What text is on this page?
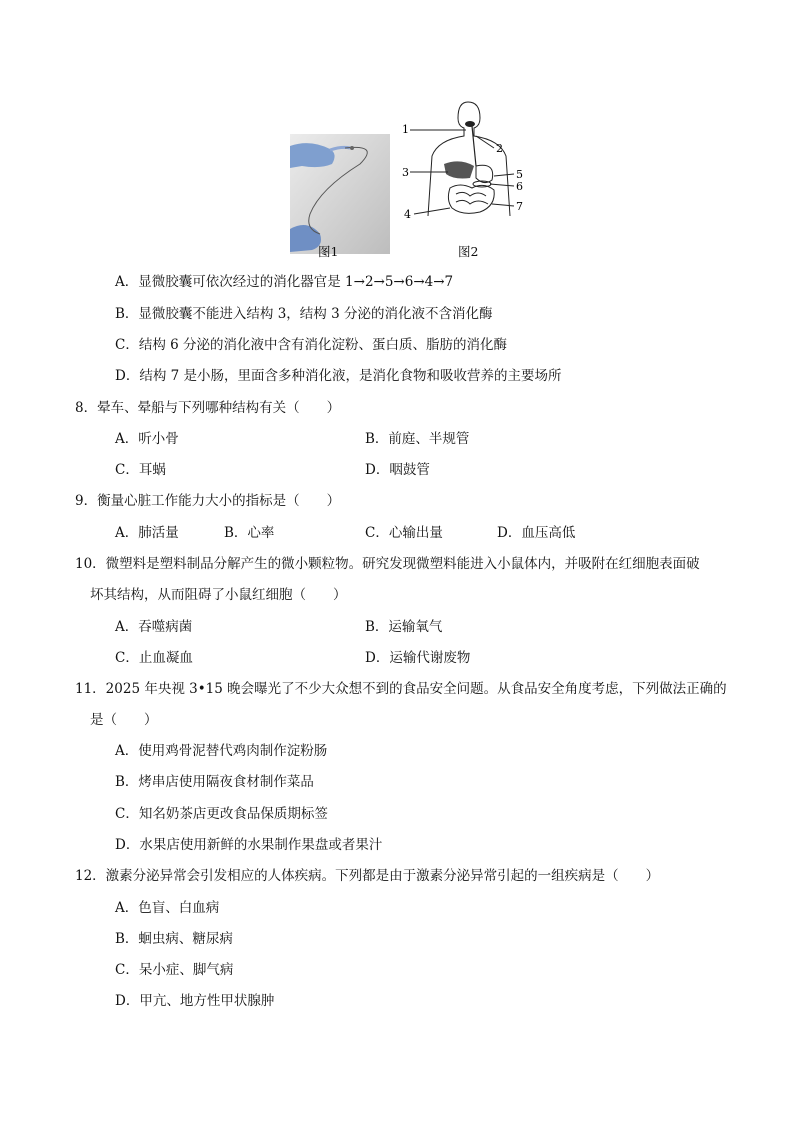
1
2
3
4
5
6
7
图1	图2
A．显微胶囊可依次经过的消化器官是 1→2→5→6→4→7
B．显微胶囊不能进入结构 3，结构 3 分泌的消化液不含消化酶
C．结构 6 分泌的消化液中含有消化淀粉、蛋白质、脂肪的消化酶
D．结构 7 是小肠，里面含多种消化液，是消化食物和吸收营养的主要场所
8．晕车、晕船与下列哪种结构有关（　　）
A．听小骨	B．前庭、半规管
C．耳蜗	D．咽鼓管
9．衡量心脏工作能力大小的指标是（　　）
A．肺活量	B．心率	C．心输出量	D．血压高低
10．微塑料是塑料制品分解产生的微小颗粒物。研究发现微塑料能进入小鼠体内，并吸附在红细胞表面破
坏其结构，从而阻碍了小鼠红细胞（　　）
A．吞噬病菌	B．运输氧气
C．止血凝血	D．运输代谢废物
11．2025 年央视 3•15 晚会曝光了不少大众想不到的食品安全问题。从食品安全角度考虑，下列做法正确的
是（　　）
A．使用鸡骨泥替代鸡肉制作淀粉肠
B．烤串店使用隔夜食材制作菜品
C．知名奶茶店更改食品保质期标签
D．水果店使用新鲜的水果制作果盘或者果汁
12．激素分泌异常会引发相应的人体疾病。下列都是由于激素分泌异常引起的一组疾病是（　　）
A．色盲、白血病
B．蛔虫病、糖尿病
C．呆小症、脚气病
D．甲亢、地方性甲状腺肿
